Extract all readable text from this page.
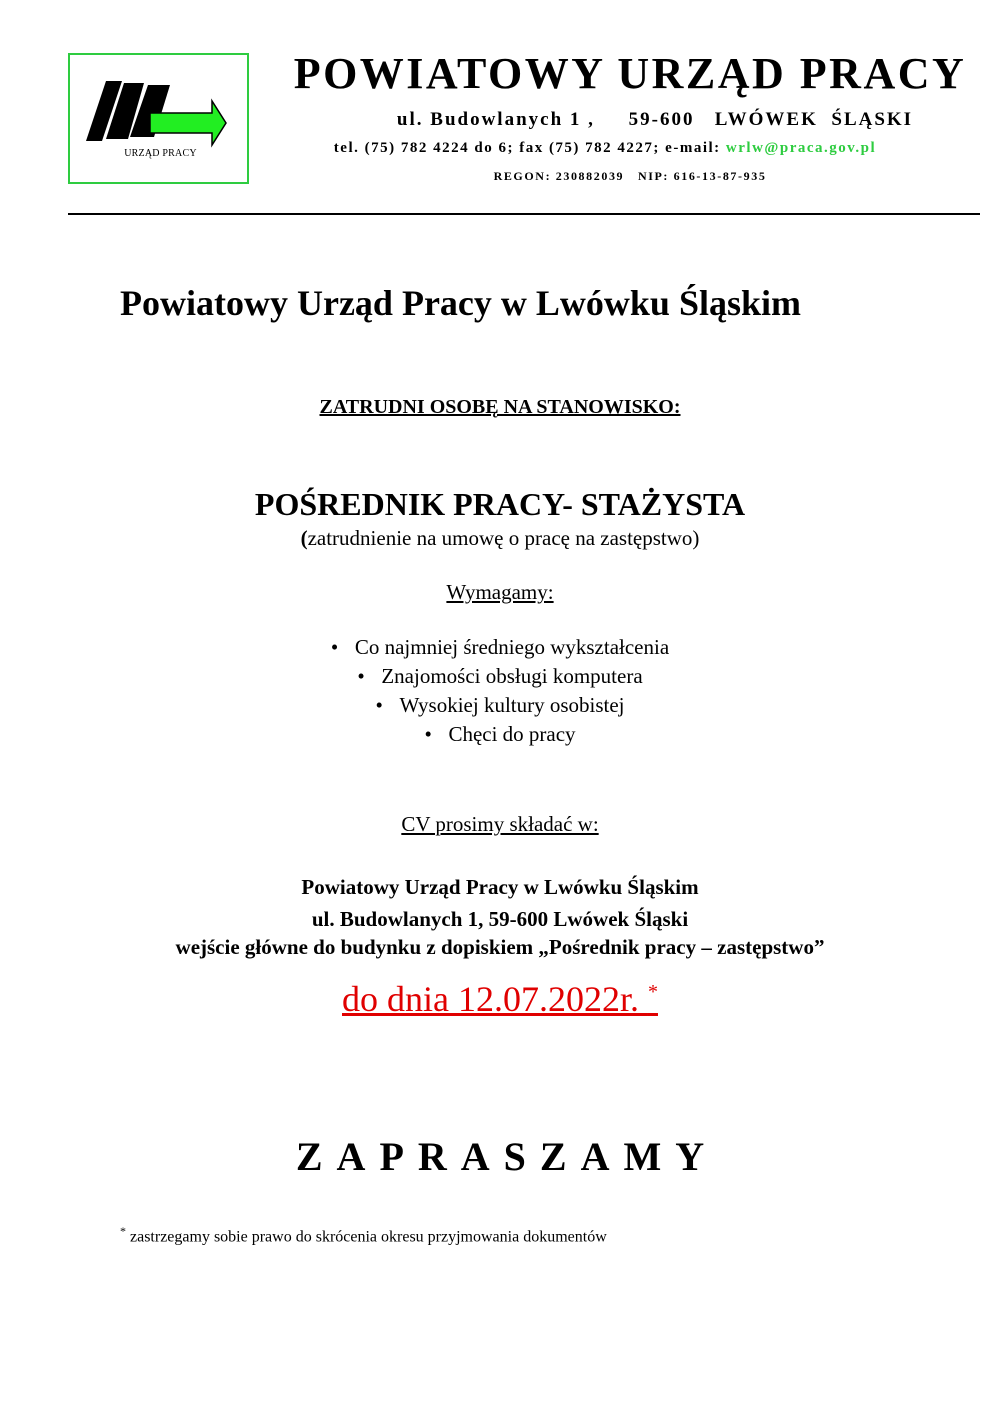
URZĄD PRACY
POWIATOWY URZĄD PRACY
ul. Budowlanych 1 ,     59-600   LWÓWEK  ŚLĄSKI
tel. (75) 782 4224 do 6; fax (75) 782 4227; e-mail: wrlw@praca.gov.pl
REGON: 230882039   NIP: 616-13-87-935
Powiatowy Urząd Pracy w Lwówku Śląskim
ZATRUDNI OSOBĘ NA STANOWISKO:
POŚREDNIK PRACY- STAŻYSTA
(zatrudnienie na umowę o pracę na zastępstwo)
Wymagamy:
• Co najmniej średniego wykształcenia
• Znajomości obsługi komputera
• Wysokiej kultury osobistej
• Chęci do pracy
CV prosimy składać w:
Powiatowy Urząd Pracy w Lwówku Śląskim
ul. Budowlanych 1, 59-600 Lwówek Śląski
wejście główne do budynku z dopiskiem „Pośrednik pracy – zastępstwo”
do dnia 12.07.2022r. *
ZAPRASZAMY
* zastrzegamy sobie prawo do skrócenia okresu przyjmowania dokumentów
